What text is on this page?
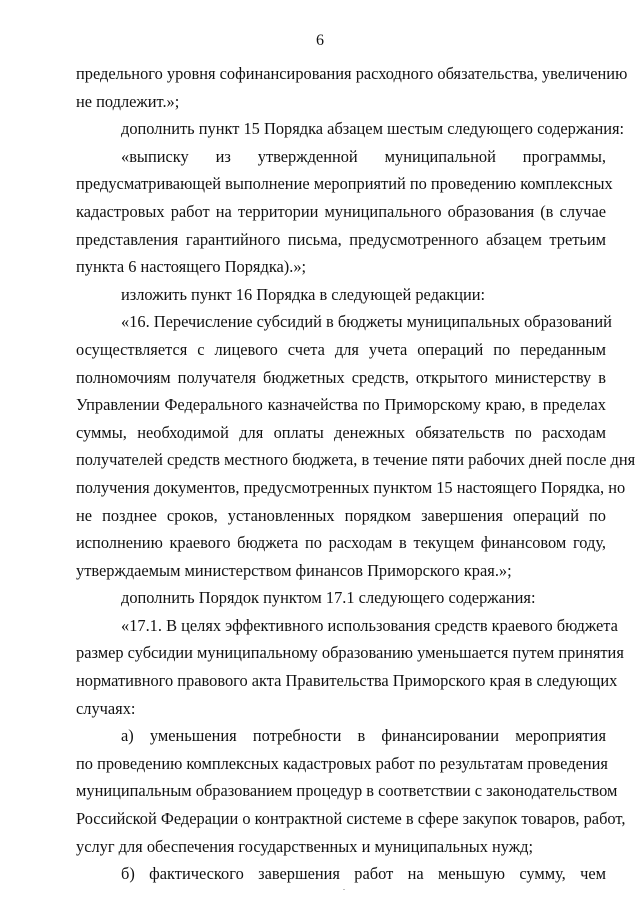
6
предельного уровня софинансирования расходного обязательства, увеличению
не подлежит.»;
дополнить пункт 15 Порядка абзацем шестым следующего содержания:
«выписку из утвержденной муниципальной программы,
предусматривающей выполнение мероприятий по проведению комплексных
кадастровых работ на территории муниципального образования (в случае
представления гарантийного письма, предусмотренного абзацем третьим
пункта 6 настоящего Порядка).»;
изложить пункт 16 Порядка в следующей редакции:
«16. Перечисление субсидий в бюджеты муниципальных образований
осуществляется с лицевого счета для учета операций по переданным
полномочиям получателя бюджетных средств, открытого министерству в
Управлении Федерального казначейства по Приморскому краю, в пределах
суммы, необходимой для оплаты денежных обязательств по расходам
получателей средств местного бюджета, в течение пяти рабочих дней после дня
получения документов, предусмотренных пунктом 15 настоящего Порядка, но
не позднее сроков, установленных порядком завершения операций по
исполнению краевого бюджета по расходам в текущем финансовом году,
утверждаемым министерством финансов Приморского края.»;
дополнить Порядок пунктом 17.1 следующего содержания:
«17.1. В целях эффективного использования средств краевого бюджета
размер субсидии муниципальному образованию уменьшается путем принятия
нормативного правового акта Правительства Приморского края в следующих
случаях:
а) уменьшения потребности в финансировании мероприятия
по проведению комплексных кадастровых работ по результатам проведения
муниципальным образованием процедур в соответствии с законодательством
Российской Федерации о контрактной системе в сфере закупок товаров, работ,
услуг для обеспечения государственных и муниципальных нужд;
б) фактического завершения работ на меньшую сумму, чем
